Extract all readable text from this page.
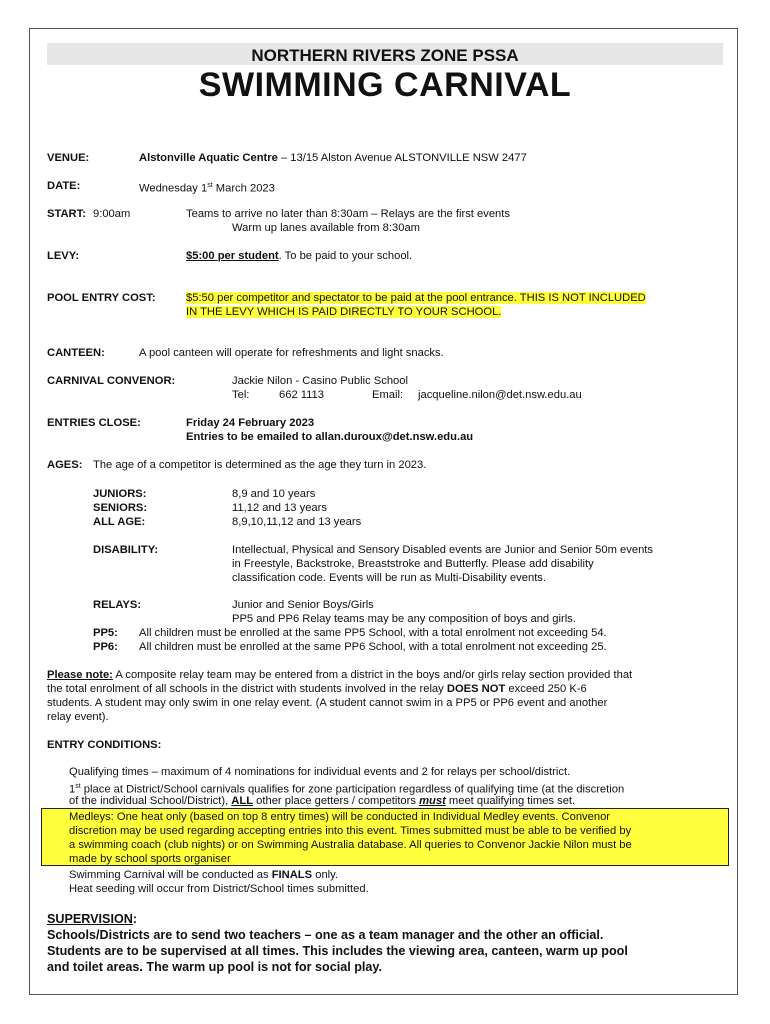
NORTHERN RIVERS ZONE PSSA
SWIMMING CARNIVAL
VENUE:	Alstonville Aquatic Centre – 13/15 Alston Avenue ALSTONVILLE NSW 2477
DATE:	Wednesday 1st March 2023
START: 9:00am	Teams to arrive no later than 8:30am – Relays are the first events
Warm up lanes available from 8:30am
LEVY:	$5:00 per student. To be paid to your school.
POOL ENTRY COST:	$5:50 per competitor and spectator to be paid at the pool entrance. THIS IS NOT INCLUDED
IN THE LEVY WHICH IS PAID DIRECTLY TO YOUR SCHOOL.
CANTEEN:	A pool canteen will operate for refreshments and light snacks.
CARNIVAL CONVENOR:	Jackie Nilon - Casino Public School
Tel:	662 1113	Email: jacqueline.nilon@det.nsw.edu.au
ENTRIES CLOSE:	Friday 24 February 2023
Entries to be emailed to allan.duroux@det.nsw.edu.au
AGES: The age of a competitor is determined as the age they turn in 2023.
JUNIORS:	8,9 and 10 years
SENIORS:	11,12 and 13 years
ALL AGE:	8,9,10,11,12 and 13 years
DISABILITY:	Intellectual, Physical and Sensory Disabled events are Junior and Senior 50m events
in Freestyle, Backstroke, Breaststroke and Butterfly. Please add disability
classification code. Events will be run as Multi-Disability events.
RELAYS:	Junior and Senior Boys/Girls
PP5 and PP6 Relay teams may be any composition of boys and girls.
PP5: All children must be enrolled at the same PP5 School, with a total enrolment not exceeding 54.
PP6: All children must be enrolled at the same PP6 School, with a total enrolment not exceeding 25.
Please note: A composite relay team may be entered from a district in the boys and/or girls relay section provided that
the total enrolment of all schools in the district with students involved in the relay DOES NOT exceed 250 K-6
students. A student may only swim in one relay event. (A student cannot swim in a PP5 or PP6 event and another
relay event).
ENTRY CONDITIONS:
Qualifying times – maximum of 4 nominations for individual events and 2 for relays per school/district.
1st place at District/School carnivals qualifies for zone participation regardless of qualifying time (at the discretion
of the individual School/District), ALL other place getters / competitors must meet qualifying times set.
Medleys: One heat only (based on top 8 entry times) will be conducted in Individual Medley events. Convenor
discretion may be used regarding accepting entries into this event. Times submitted must be able to be verified by
a swimming coach (club nights) or on Swimming Australia database. All queries to Convenor Jackie Nilon must be
made by school sports organiser
Swimming Carnival will be conducted as FINALS only.
Heat seeding will occur from District/School times submitted.
SUPERVISION:
Schools/Districts are to send two teachers – one as a team manager and the other an official.
Students are to be supervised at all times. This includes the viewing area, canteen, warm up pool
and toilet areas. The warm up pool is not for social play.
